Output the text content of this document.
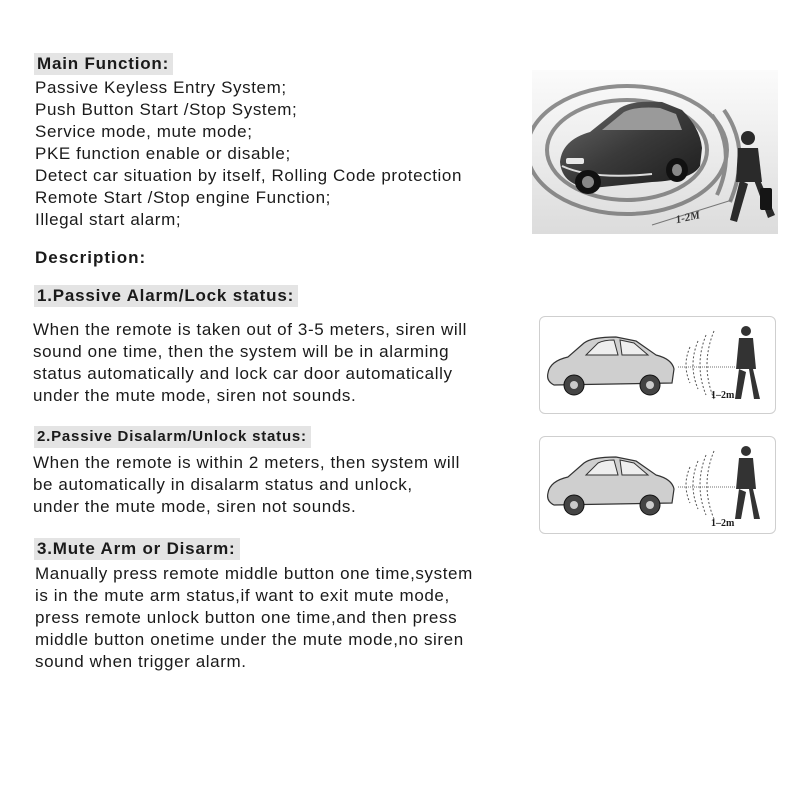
Main Function:
Passive Keyless Entry System;
Push Button Start /Stop System;
Service mode, mute mode;
PKE function enable or disable;
Detect car situation by itself, Rolling Code protection
Remote Start /Stop engine Function;
Illegal start alarm;	1-2M
Description:
1.Passive Alarm/Lock status:
When the remote is taken out of 3-5 meters, siren will
sound one time, then the system will be in alarming
status automatically and lock car door automatically
under the mute mode, siren not sounds.	1–2m
2.Passive Disalarm/Unlock status:
When the remote is within 2 meters, then system will
be automatically in disalarm status and unlock,
under the mute mode, siren not sounds.
1–2m
3.Mute Arm or Disarm:
Manually press remote middle button one time,system
is in the mute arm status,if want to exit mute mode,
press remote unlock button one time,and then press
middle button onetime under the mute mode,no siren
sound when trigger alarm.
